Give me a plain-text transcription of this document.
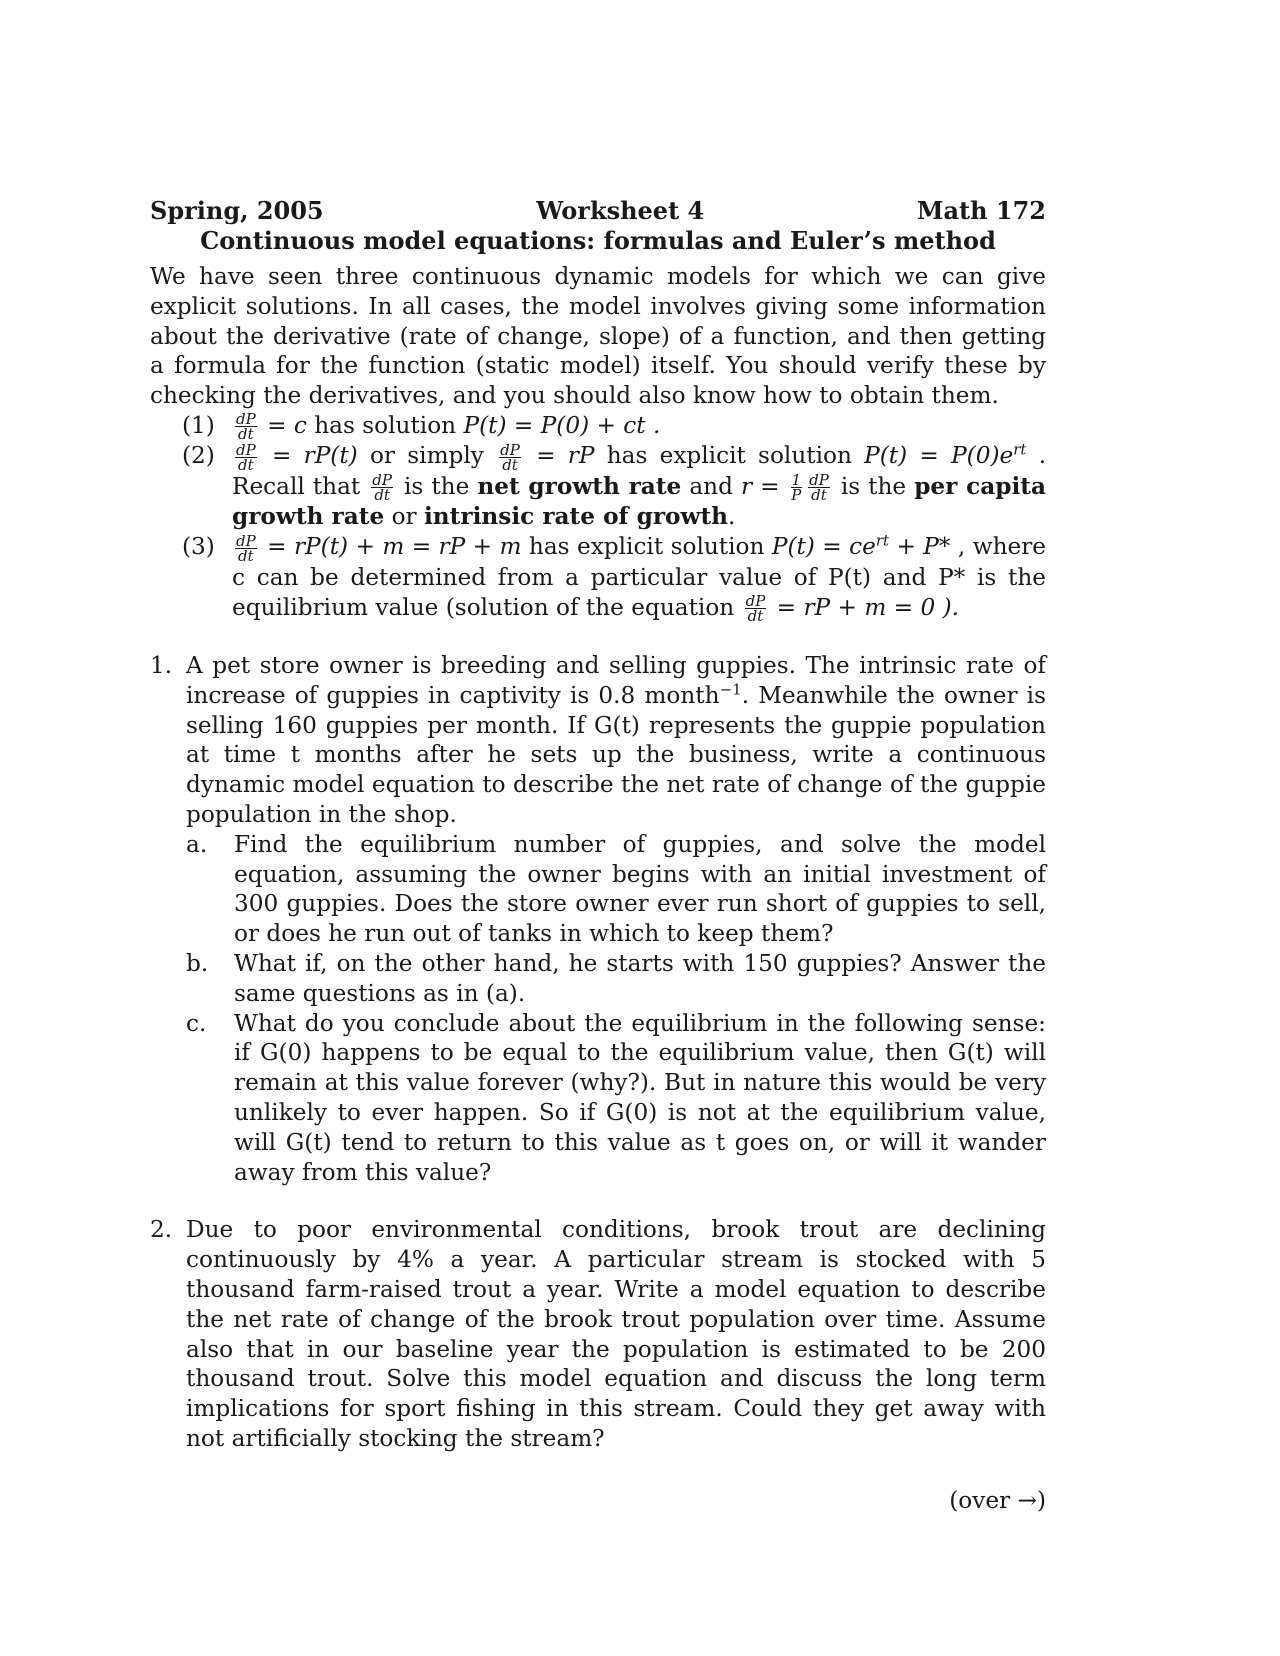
Spring, 2005	Worksheet 4	Math 172
Continuous model equations: formulas and Euler’s method
We have seen three continuous dynamic models for which we can give explicit solutions. In all cases, the model involves giving some information about the derivative (rate of change, slope) of a function, and then getting a formula for the function (static model) itself. You should verify these by checking the derivatives, and you should also know how to obtain them.
(1)	$\frac{dP}{dt} = c$ has solution P(t) = P(0) + ct .
(2)	$\frac{dP}{dt} = rP(t)$ or simply $\frac{dP}{dt}$ = rP has explicit solution $P(t) = P(0)e^{rt}$ . Recall that $\frac{dP}{dt}$ is the net growth rate and $r = \frac{1}{P} \frac{dP}{dt}$ is the per capita growth rate or intrinsic rate of growth.
(3)	$\frac{dP}{dt} = rP(t) + m$ = rP + m has explicit solution $P(t) = ce^{rt} + P*$ , where c can be determined from a particular value of P(t) and P* is the equilibrium value (solution of the equation $\frac{dP}{dt}$ = rP + m = 0 ).
1. A pet store owner is breeding and selling guppies. The intrinsic rate of increase of guppies in captivity is 0.8 month$^{-1}$. Meanwhile the owner is selling 160 guppies per month. If G(t) represents the guppie population at time t months after he sets up the business, write a continuous dynamic model equation to describe the net rate of change of the guppie population in the shop.
a.	Find the equilibrium number of guppies, and solve the model equation, assuming the owner begins with an initial investment of 300 guppies. Does the store owner ever run short of guppies to sell, or does he run out of tanks in which to keep them?
b.	What if, on the other hand, he starts with 150 guppies? Answer the same questions as in (a).
c.	What do you conclude about the equilibrium in the following sense: if G(0) happens to be equal to the equilibrium value, then G(t) will remain at this value forever (why?). But in nature this would be very unlikely to ever happen. So if G(0) is not at the equilibrium value, will G(t) tend to return to this value as t goes on, or will it wander away from this value?
2. Due to poor environmental conditions, brook trout are declining continuously by 4% a year. A particular stream is stocked with 5 thousand farm-raised trout a year. Write a model equation to describe the net rate of change of the brook trout population over time. Assume also that in our baseline year the population is estimated to be 200 thousand trout. Solve this model equation and discuss the long term implications for sport fishing in this stream. Could they get away with not artificially stocking the stream?
(over →)
